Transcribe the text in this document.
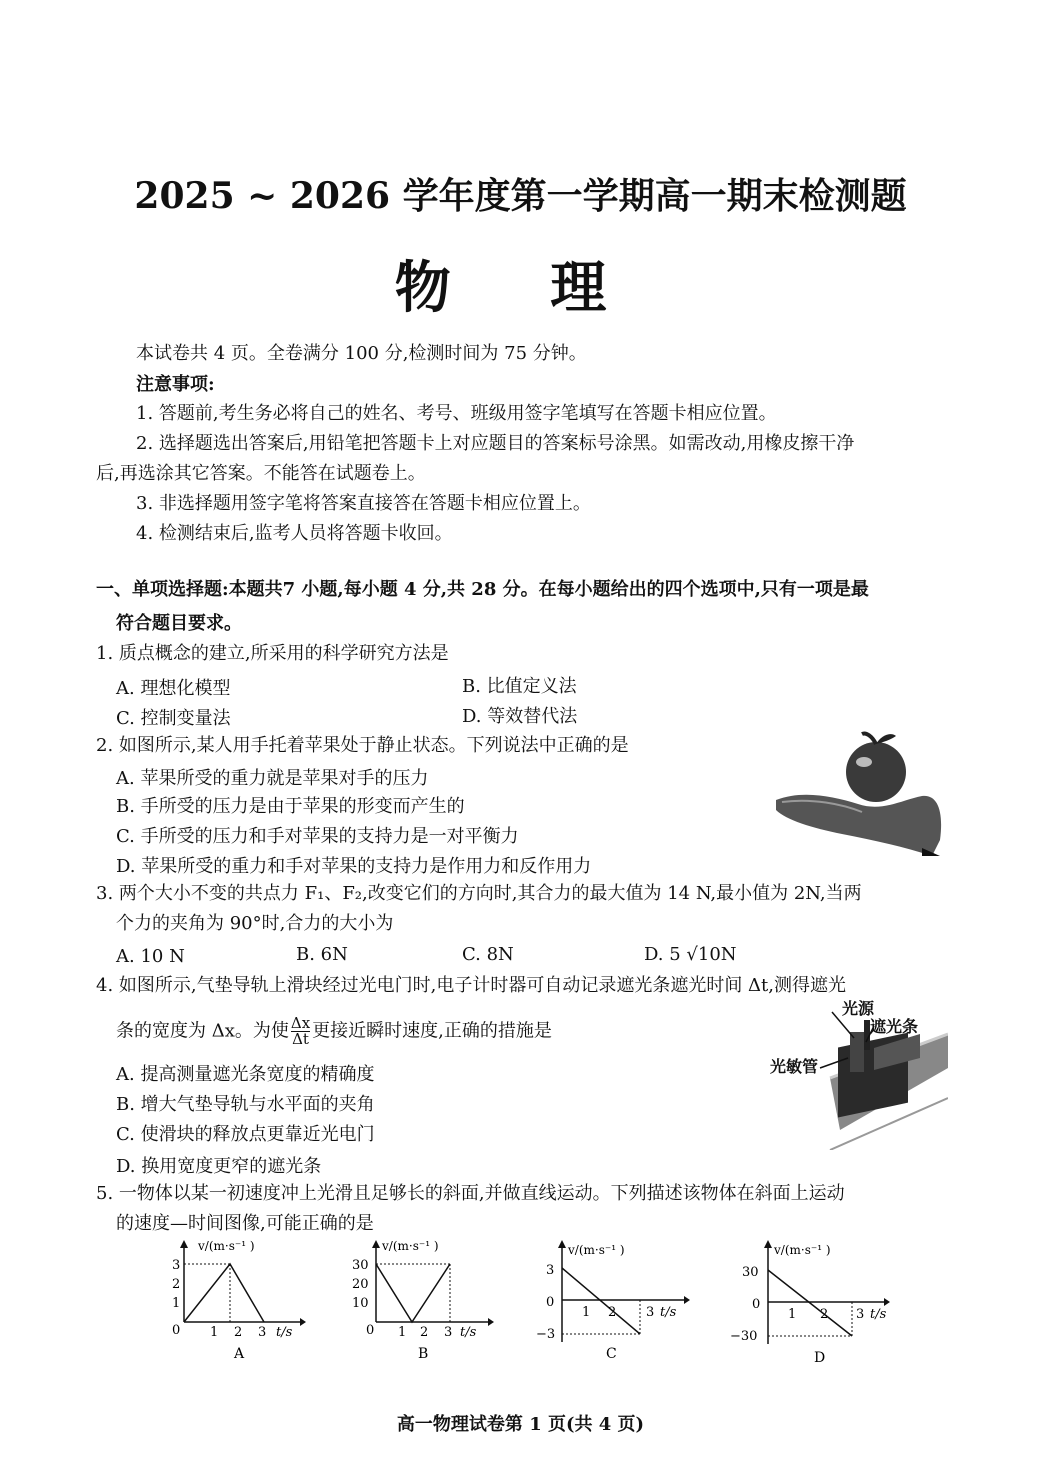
2025 ~ 2026 学年度第一学期高一期末检测题
物 理
本试卷共 4 页。全卷满分 100 分,检测时间为 75 分钟。
注意事项:
1. 答题前,考生务必将自己的姓名、考号、班级用签字笔填写在答题卡相应位置。
2. 选择题选出答案后,用铅笔把答题卡上对应题目的答案标号涂黑。如需改动,用橡皮擦干净
后,再选涂其它答案。不能答在试题卷上。
3. 非选择题用签字笔将答案直接答在答题卡相应位置上。
4. 检测结束后,监考人员将答题卡收回。
一、单项选择题:本题共7 小题,每小题 4 分,共 28 分。在每小题给出的四个选项中,只有一项是最
符合题目要求。
1. 质点概念的建立,所采用的科学研究方法是
A. 理想化模型	B. 比值定义法
C. 控制变量法	D. 等效替代法
2. 如图所示,某人用手托着苹果处于静止状态。下列说法中正确的是
A. 苹果所受的重力就是苹果对手的压力
B. 手所受的压力是由于苹果的形变而产生的
C. 手所受的压力和手对苹果的支持力是一对平衡力
D. 苹果所受的重力和手对苹果的支持力是作用力和反作用力
3. 两个大小不变的共点力 F₁、F₂,改变它们的方向时,其合力的最大值为 14 N,最小值为 2N,当两
个力的夹角为 90°时,合力的大小为
A. 10 N	B. 6N	C. 8N	D. 5 √10N
4. 如图所示,气垫导轨上滑块经过光电门时,电子计时器可自动记录遮光条遮光时间 Δt,测得遮光
条的宽度为 Δx。为使 $\frac{\Delta x}{\Delta t}$ 更接近瞬时速度,正确的措施是
A. 提高测量遮光条宽度的精确度
B. 增大气垫导轨与水平面的夹角
C. 使滑块的释放点更靠近光电门
D. 换用宽度更窄的遮光条
光源
遮光条
光敏管
5. 一物体以某一初速度冲上光滑且足够长的斜面,并做直线运动。下列描述该物体在斜面上运动
的速度—时间图像,可能正确的是
v/(m·s⁻¹ )
3
2
1
0 1 2 3 t/s
A
v/(m·s⁻¹ )
30
20
10
0 1 2 3 t/s
B
v/(m·s⁻¹ )
3
0
−3
1 2 3 t/s
C
v/(m·s⁻¹ )
30
0
−30
1 2 3 t/s
D
高一物理试卷第 1 页(共 4 页)
